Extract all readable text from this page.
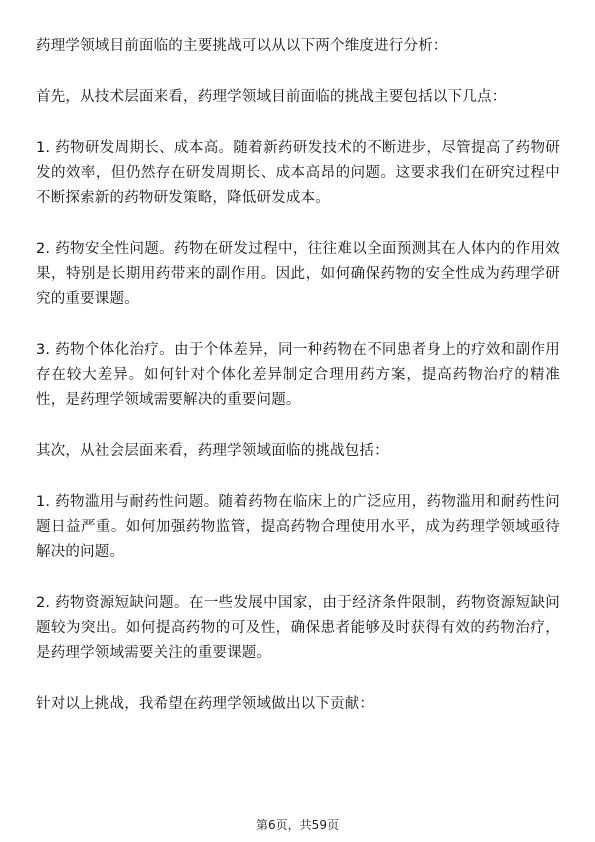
药理学领域目前面临的主要挑战可以从以下两个维度进行分析：

首先，从技术层面来看，药理学领域目前面临的挑战主要包括以下几点：

1. 药物研发周期长、成本高。随着新药研发技术的不断进步，尽管提高了药物研发的效率，但仍然存在研发周期长、成本高昂的问题。这要求我们在研究过程中不断探索新的药物研发策略，降低研发成本。

2. 药物安全性问题。药物在研发过程中，往往难以全面预测其在人体内的作用效果，特别是长期用药带来的副作用。因此，如何确保药物的安全性成为药理学研究的重要课题。

3. 药物个体化治疗。由于个体差异，同一种药物在不同患者身上的疗效和副作用存在较大差异。如何针对个体化差异制定合理用药方案，提高药物治疗的精准性，是药理学领域需要解决的重要问题。

其次，从社会层面来看，药理学领域面临的挑战包括：

1. 药物滥用与耐药性问题。随着药物在临床上的广泛应用，药物滥用和耐药性问题日益严重。如何加强药物监管，提高药物合理使用水平，成为药理学领域亟待解决的问题。

2. 药物资源短缺问题。在一些发展中国家，由于经济条件限制，药物资源短缺问题较为突出。如何提高药物的可及性，确保患者能够及时获得有效的药物治疗，是药理学领域需要关注的重要课题。

针对以上挑战，我希望在药理学领域做出以下贡献：

第6页，共59页
